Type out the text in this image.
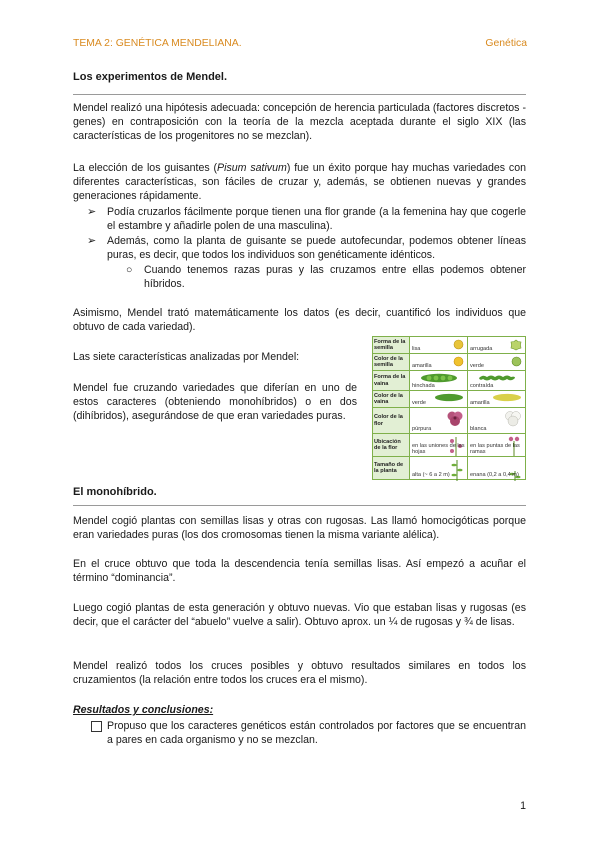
TEMA 2: GENÉTICA MENDELIANA.	Genética
Los experimentos de Mendel.

Mendel realizó una hipótesis adecuada: concepción de herencia particulada (factores discretos - genes) en contraposición con la teoría de la mezcla aceptada durante el siglo XIX (las características de los progenitores no se mezclan).

La elección de los guisantes (Pisum sativum) fue un éxito porque hay muchas variedades con diferentes características, son fáciles de cruzar y, además, se obtienen nuevas y grandes generaciones rápidamente.

➢ Podía cruzarlos fácilmente porque tienen una flor grande (a la femenina hay que cogerle el estambre y añadirle polen de una masculina).

➢ Además, como la planta de guisante se puede autofecundar, podemos obtener líneas puras, es decir, que todos los individuos son genéticamente idénticos.

○ Cuando tenemos razas puras y las cruzamos entre ellas podemos obtener híbridos.

Asimismo, Mendel trató matemáticamente los datos (es decir, cuantificó los individuos que obtuvo de cada variedad).

Las siete características analizadas por Mendel:

Mendel fue cruzando variedades que diferían en uno de estos caracteres (obteniendo monohíbridos) o en dos (dihíbridos), asegurándose de que eran variedades puras.

Forma de la semilla	lisa	arrugada

Color de la semilla	amarilla	verde

Forma de la vaina	hinchada	contraída

Color de la vaina	verde	amarilla

Color de la flor	púrpura	blanca

Ubicación de la flor	en las uniones de las hojas	en las puntas de las ramas

Tamaño de la planta	alta (~ 6 a 2 m)	enana (0,2 a 0,4 m)
El monohíbrido.

Mendel cogió plantas con semillas lisas y otras con rugosas. Las llamó homocigóticas porque eran variedades puras (los dos cromosomas tienen la misma variante alélica).

En el cruce obtuvo que toda la descendencia tenía semillas lisas. Así empezó a acuñar el término “dominancia”.

Luego cogió plantas de esta generación y obtuvo nuevas. Vio que estaban lisas y rugosas (es decir, que el carácter del “abuelo” vuelve a salir). Obtuvo aprox. un ¼ de rugosas y ¾ de lisas.

Mendel realizó todos los cruces posibles y obtuvo resultados similares en todos los cruzamientos (la relación entre todos los cruces era el mismo).

Resultados y conclusiones:

Propuso que los caracteres genéticos están controlados por factores que se encuentran a pares en cada organismo y no se mezclan.

1
